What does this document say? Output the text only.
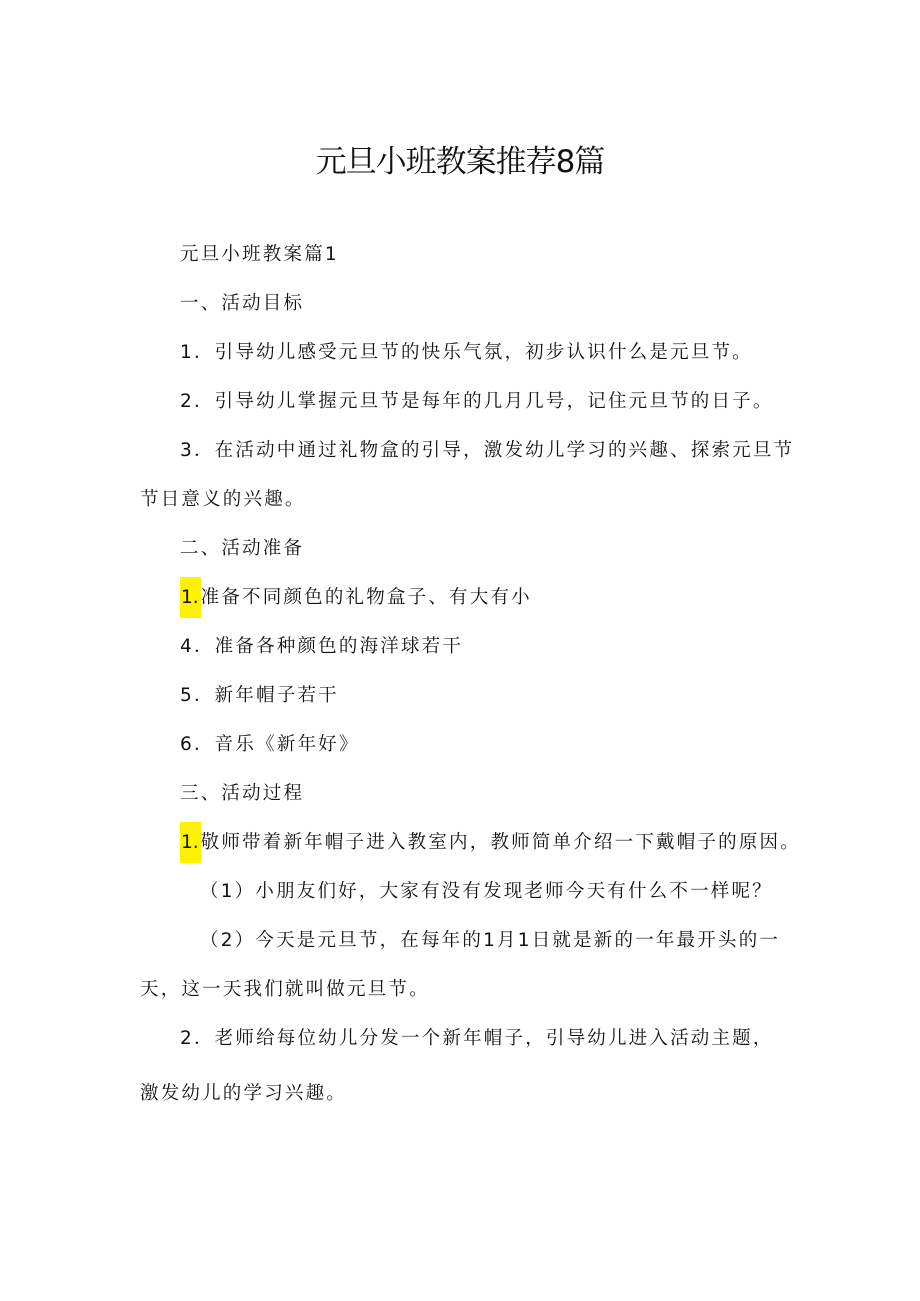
元旦小班教案推荐8篇
元旦小班教案篇1
一、活动目标
1．引导幼儿感受元旦节的快乐气氛，初步认识什么是元旦节。
2．引导幼儿掌握元旦节是每年的几月几号，记住元旦节的日子。
3．在活动中通过礼物盒的引导，激发幼儿学习的兴趣、探索元旦节
节日意义的兴趣。
二、活动准备
1. 准备不同颜色的礼物盒子、有大有小
4．准备各种颜色的海洋球若干
5．新年帽子若干
6．音乐《新年好》
三、活动过程
1. 敬师带着新年帽子进入教室内，教师简单介绍一下戴帽子的原因。
（1）小朋友们好，大家有没有发现老师今天有什么不一样呢？
（2）今天是元旦节，在每年的1月1日就是新的一年最开头的一
天，这一天我们就叫做元旦节。
2．老师给每位幼儿分发一个新年帽子，引导幼儿进入活动主题，
激发幼儿的学习兴趣。
